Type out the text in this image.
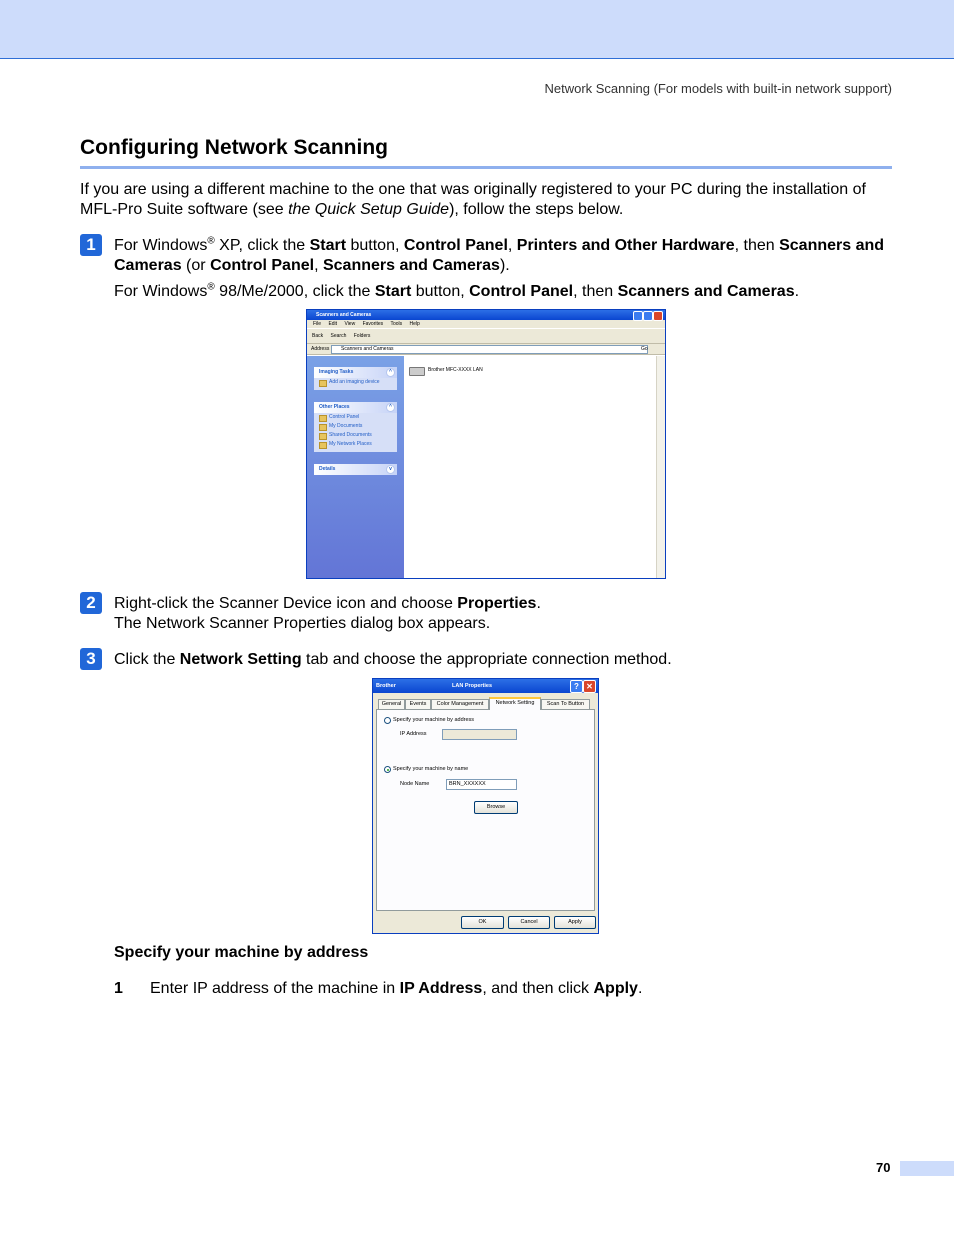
Network Scanning (For models with built-in network support)
Configuring Network Scanning
If you are using a different machine to the one that was originally registered to your PC during the installation of MFL-Pro Suite software (see the Quick Setup Guide), follow the steps below.
1	For Windows® XP, click the Start button, Control Panel, Printers and Other Hardware, then Scanners and Cameras (or Control Panel, Scanners and Cameras).
For Windows® 98/Me/2000, click the Start button, Control Panel, then Scanners and Cameras.
Scanners and Cameras
File Edit View Favorites Tools Help
Back Search Folders
Address	Scanners and Cameras	Go
Imaging Tasks	^
Add an imaging device
Other Places	^
Control Panel
My Documents
Shared Documents
My Network Places
Details	v
Brother MFC-XXXX LAN
2	Right-click the Scanner Device icon and choose Properties.
The Network Scanner Properties dialog box appears.
3	Click the Network Setting tab and choose the appropriate connection method.
Brother	LAN Properties	? ✕
General	Events	Color Management	Network Setting	Scan To Button
Specify your machine by address
IP Address
Specify your machine by name
Node Name	BRN_XXXXXX
Browse
OK	Cancel	Apply
Specify your machine by address
1	Enter IP address of the machine in IP Address, and then click Apply.
70
